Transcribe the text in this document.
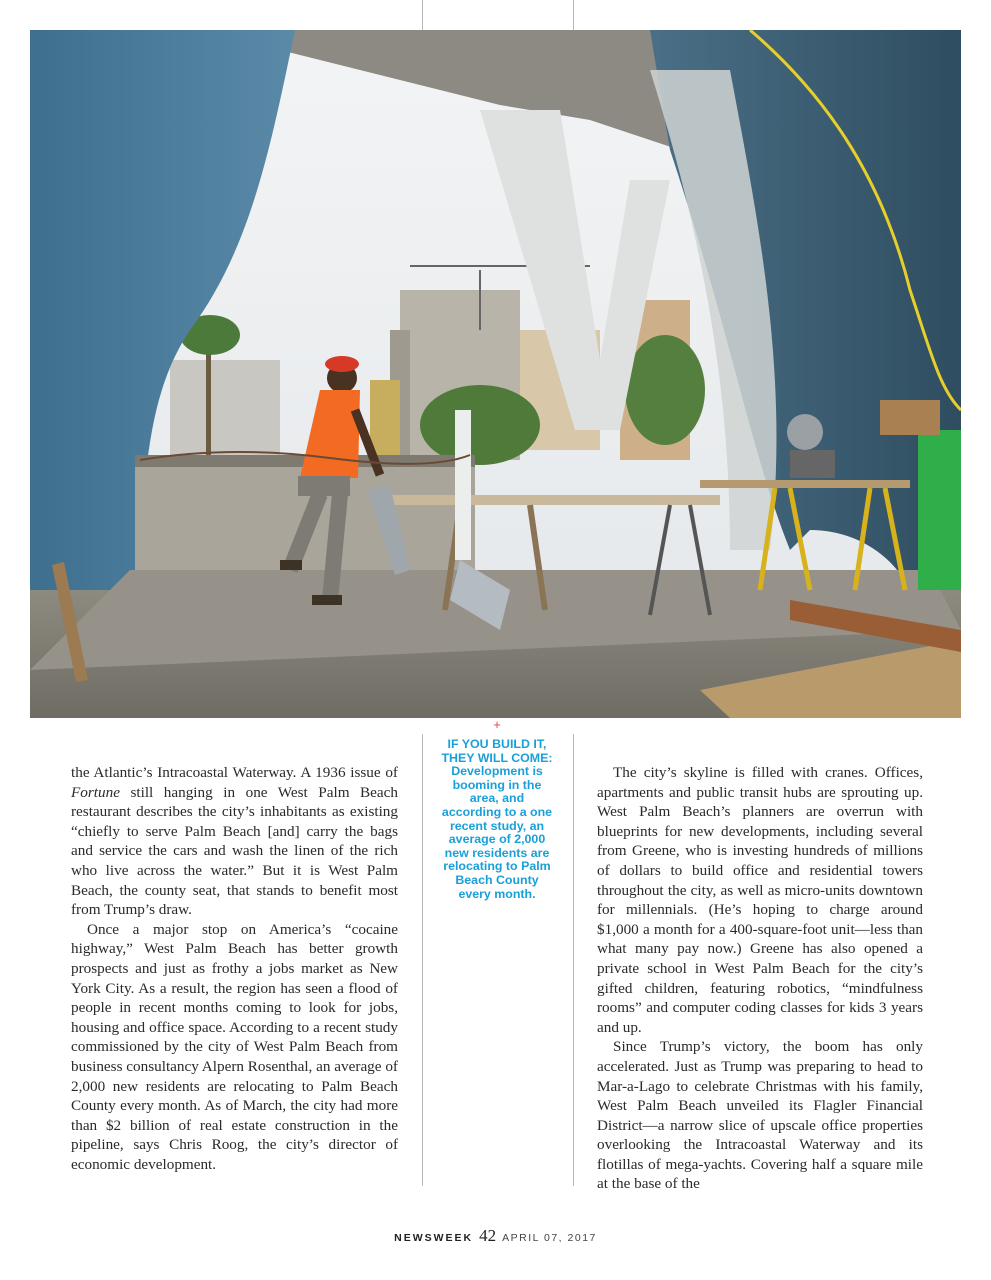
+
IF YOU BUILD IT, THEY WILL COME: Development is booming in the area, and according to a one recent study, an average of 2,000 new residents are relocating to Palm Beach County every month.

the Atlantic’s Intracoastal Waterway. A 1936 issue of Fortune still hanging in one West Palm Beach restaurant describes the city’s inhabitants as existing “chiefly to serve Palm Beach [and] carry the bags and service the cars and wash the linen of the rich who live across the water.” But it is West Palm Beach, the county seat, that stands to benefit most from Trump’s draw.

Once a major stop on America’s “cocaine highway,” West Palm Beach has better growth prospects and just as frothy a jobs market as New York City. As a result, the region has seen a flood of people in recent months coming to look for jobs, housing and office space. According to a recent study commissioned by the city of West Palm Beach from business consultancy Alpern Rosenthal, an average of 2,000 new residents are relocating to Palm Beach County every month. As of March, the city had more than $2 billion of real estate construction in the pipeline, says Chris Roog, the city’s director of economic development.

The city’s skyline is filled with cranes. Offices, apartments and public transit hubs are sprouting up. West Palm Beach’s planners are overrun with blueprints for new developments, including several from Greene, who is investing hundreds of millions of dollars to build office and residential towers throughout the city, as well as micro-units downtown for millennials. (He’s hoping to charge around $1,000 a month for a 400-square-foot unit—less than what many pay now.) Greene has also opened a private school in West Palm Beach for the city’s gifted children, featuring robotics, “mindfulness rooms” and computer coding classes for kids 3 years and up.

Since Trump’s victory, the boom has only accelerated. Just as Trump was preparing to head to Mar-a-Lago to celebrate Christmas with his family, West Palm Beach unveiled its Flagler Financial District—a narrow slice of upscale office properties overlooking the Intracoastal Waterway and its flotillas of mega-yachts. Covering half a square mile at the base of the

NEWSWEEK 42 APRIL 07, 2017
